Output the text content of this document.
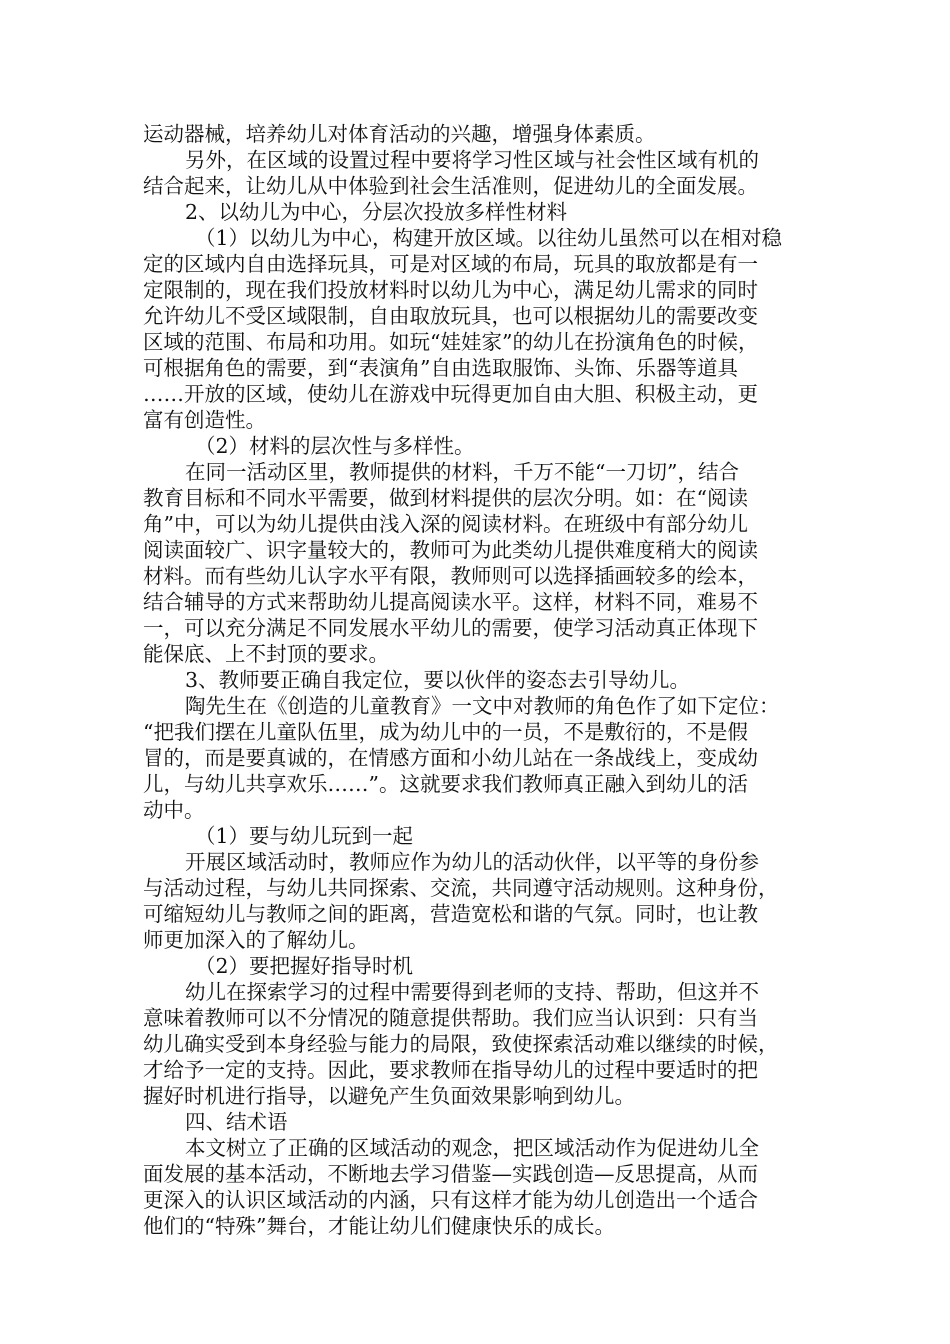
运动器械，培养幼儿对体育活动的兴趣，增强身体素质。
另外，在区域的设置过程中要将学习性区域与社会性区域有机的
结合起来，让幼儿从中体验到社会生活准则，促进幼儿的全面发展。
2、以幼儿为中心，分层次投放多样性材料
（1）以幼儿为中心，构建开放区域。以往幼儿虽然可以在相对稳
定的区域内自由选择玩具，可是对区域的布局，玩具的取放都是有一
定限制的，现在我们投放材料时以幼儿为中心，满足幼儿需求的同时
允许幼儿不受区域限制，自由取放玩具，也可以根据幼儿的需要改变
区域的范围、布局和功用。如玩“娃娃家”的幼儿在扮演角色的时候，
可根据角色的需要，到“表演角”自由选取服饰、头饰、乐器等道具
……开放的区域，使幼儿在游戏中玩得更加自由大胆、积极主动，更
富有创造性。
（2）材料的层次性与多样性。
在同一活动区里，教师提供的材料，千万不能“一刀切”，结合
教育目标和不同水平需要，做到材料提供的层次分明。如：在“阅读
角”中，可以为幼儿提供由浅入深的阅读材料。在班级中有部分幼儿
阅读面较广、识字量较大的，教师可为此类幼儿提供难度稍大的阅读
材料。而有些幼儿认字水平有限，教师则可以选择插画较多的绘本，
结合辅导的方式来帮助幼儿提高阅读水平。这样，材料不同，难易不
一，可以充分满足不同发展水平幼儿的需要，使学习活动真正体现下
能保底、上不封顶的要求。
3、教师要正确自我定位，要以伙伴的姿态去引导幼儿。
陶先生在《创造的儿童教育》一文中对教师的角色作了如下定位：
“把我们摆在儿童队伍里，成为幼儿中的一员，不是敷衍的，不是假
冒的，而是要真诚的，在情感方面和小幼儿站在一条战线上，变成幼
儿，与幼儿共享欢乐……”。这就要求我们教师真正融入到幼儿的活
动中。
（1）要与幼儿玩到一起
开展区域活动时，教师应作为幼儿的活动伙伴，以平等的身份参
与活动过程，与幼儿共同探索、交流，共同遵守活动规则。这种身份，
可缩短幼儿与教师之间的距离，营造宽松和谐的气氛。同时，也让教
师更加深入的了解幼儿。
（2）要把握好指导时机
幼儿在探索学习的过程中需要得到老师的支持、帮助，但这并不
意味着教师可以不分情况的随意提供帮助。我们应当认识到：只有当
幼儿确实受到本身经验与能力的局限，致使探索活动难以继续的时候，
才给予一定的支持。因此，要求教师在指导幼儿的过程中要适时的把
握好时机进行指导，以避免产生负面效果影响到幼儿。
四、结术语
本文树立了正确的区域活动的观念，把区域活动作为促进幼儿全
面发展的基本活动，不断地去学习借鉴—实践创造—反思提高，从而
更深入的认识区域活动的内涵，只有这样才能为幼儿创造出一个适合
他们的“特殊”舞台，才能让幼儿们健康快乐的成长。
